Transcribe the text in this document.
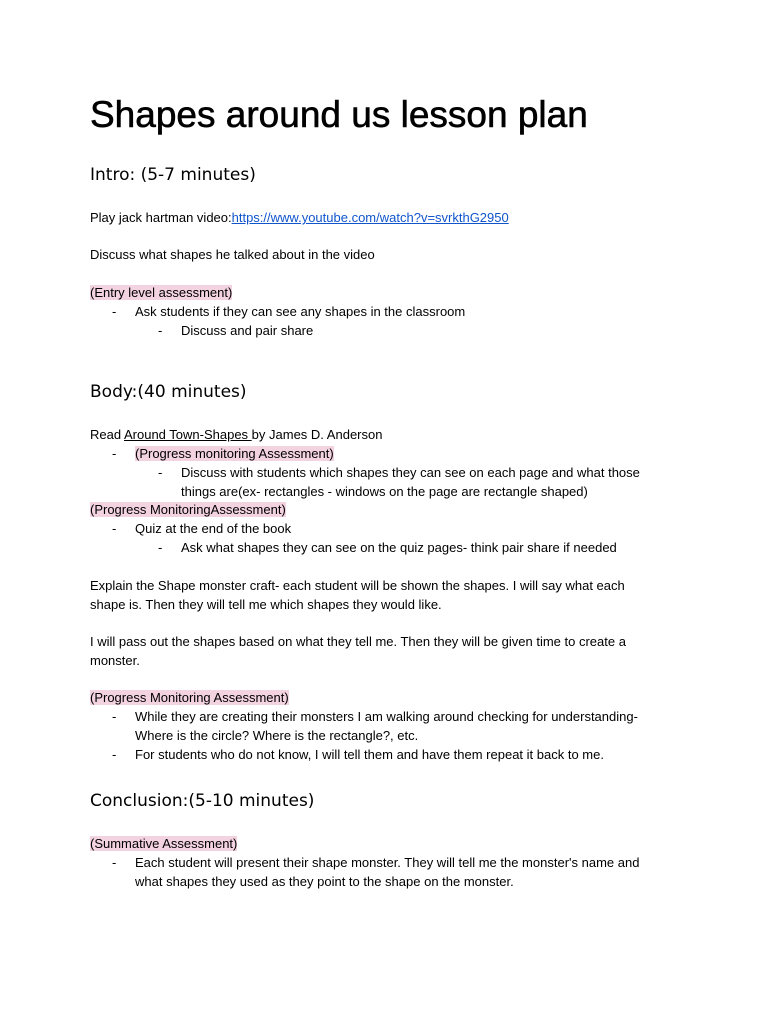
Shapes around us lesson plan
Intro: (5-7 minutes)
Play jack hartman video:https://www.youtube.com/watch?v=svrkthG2950
Discuss what shapes he talked about in the video
(Entry level assessment)
-	Ask students if they can see any shapes in the classroom
-	Discuss and pair share
Body:(40 minutes)
Read Around Town-Shapes by James D. Anderson
-	(Progress monitoring Assessment)
-	Discuss with students which shapes they can see on each page and what those
things are(ex- rectangles - windows on the page are rectangle shaped)
(Progress MonitoringAssessment)
-	Quiz at the end of the book
-	Ask what shapes they can see on the quiz pages- think pair share if needed
Explain the Shape monster craft- each student will be shown the shapes. I will say what each
shape is. Then they will tell me which shapes they would like.
I will pass out the shapes based on what they tell me. Then they will be given time to create a
monster.
(Progress Monitoring Assessment)
-	While they are creating their monsters I am walking around checking for understanding-
Where is the circle? Where is the rectangle?, etc.
-	For students who do not know, I will tell them and have them repeat it back to me.
Conclusion:(5-10 minutes)
(Summative Assessment)
-	Each student will present their shape monster. They will tell me the monster's name and
what shapes they used as they point to the shape on the monster.
